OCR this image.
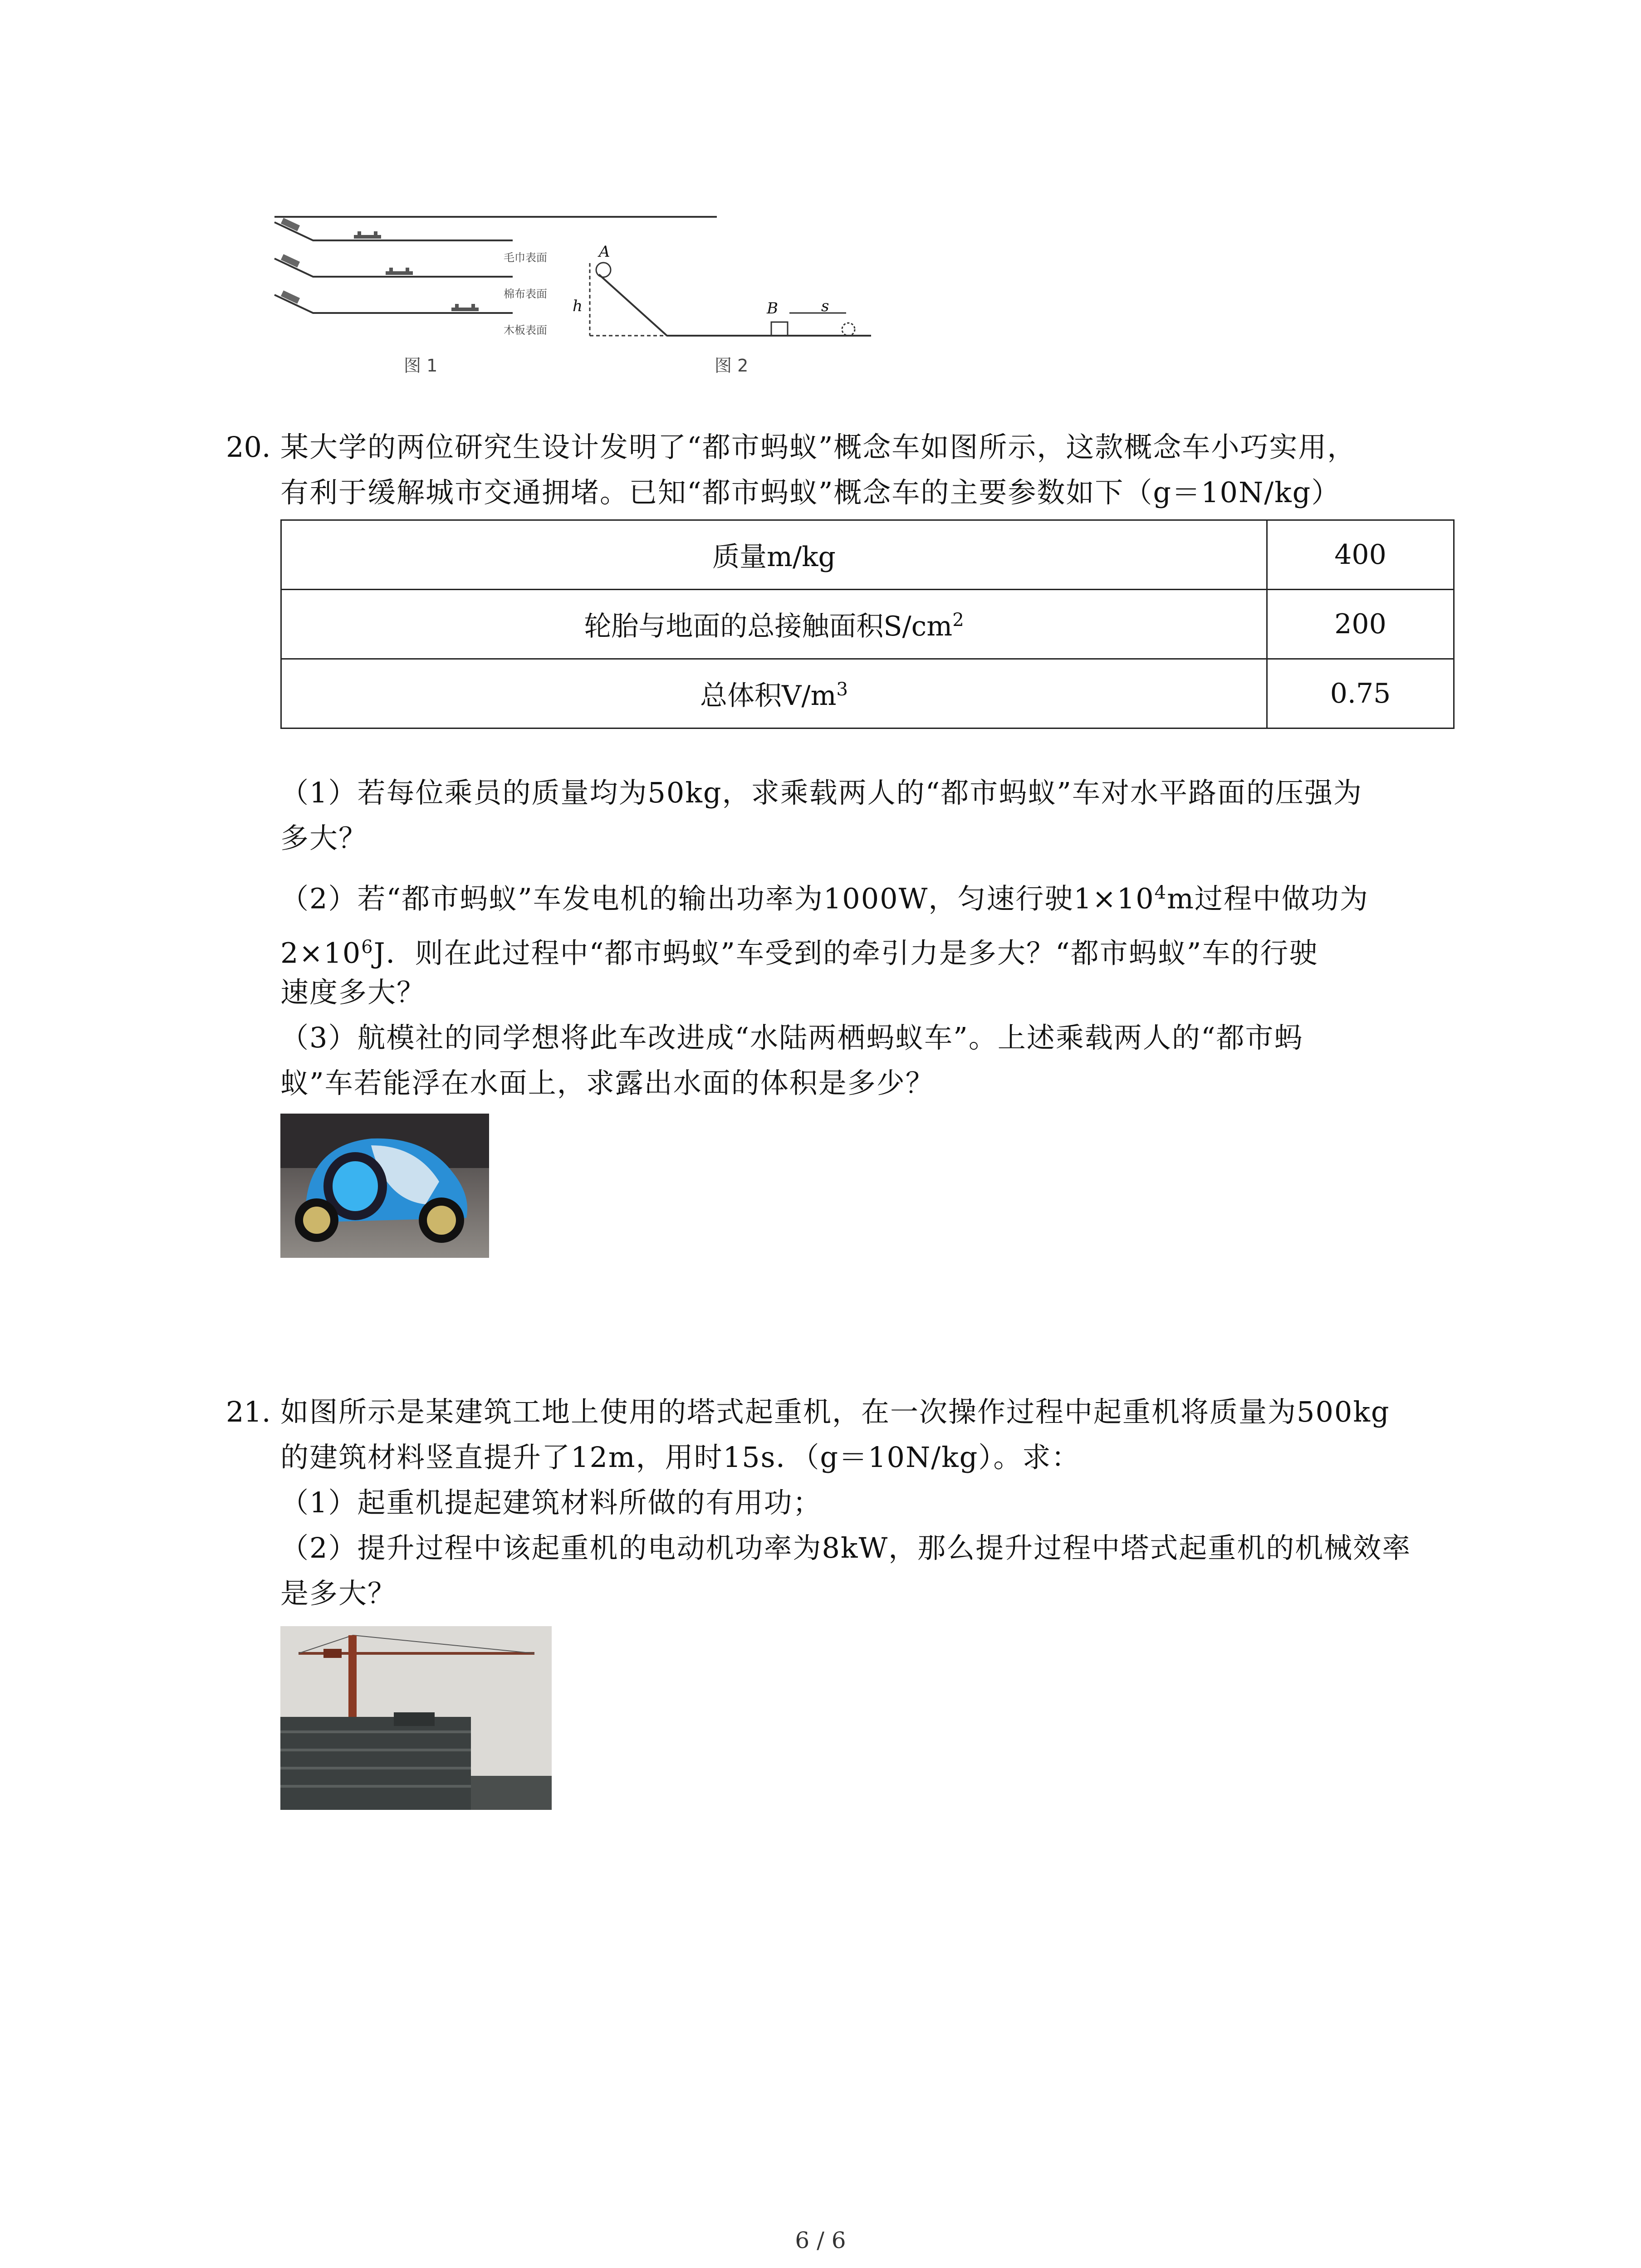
毛巾表面
棉布表面
木板表面
A
B
h	s
图 1	图 2
20. 某大学的两位研究生设计发明了“都市蚂蚁”概念车如图所示，这款概念车小巧实用，
有利于缓解城市交通拥堵。已知“都市蚂蚁”概念车的主要参数如下（g＝10N/kg）
质量m/kg	400
轮胎与地面的总接触面积$S/cm^2$	200
总体积$V/m^3$	0.75
（1）若每位乘员的质量均为50kg，求乘载两人的“都市蚂蚁”车对水平路面的压强为
多大？
（2）若“都市蚂蚁”车发电机的输出功率为1000W，匀速行驶$1\times 10^4m$过程中做功为
$2\times 10^6J$．则在此过程中“都市蚂蚁”车受到的牵引力是多大？“都市蚂蚁”车的行驶
速度多大？
（3）航模社的同学想将此车改进成“水陆两栖蚂蚁车”。上述乘载两人的“都市蚂
蚁”车若能浮在水面上，求露出水面的体积是多少？
21. 如图所示是某建筑工地上使用的塔式起重机，在一次操作过程中起重机将质量为500kg
的建筑材料竖直提升了12m，用时15s．（g＝10N/kg）。求：
（1）起重机提起建筑材料所做的有用功；
（2）提升过程中该起重机的电动机功率为8kW，那么提升过程中塔式起重机的机械效率
是多大？
6 / 6
